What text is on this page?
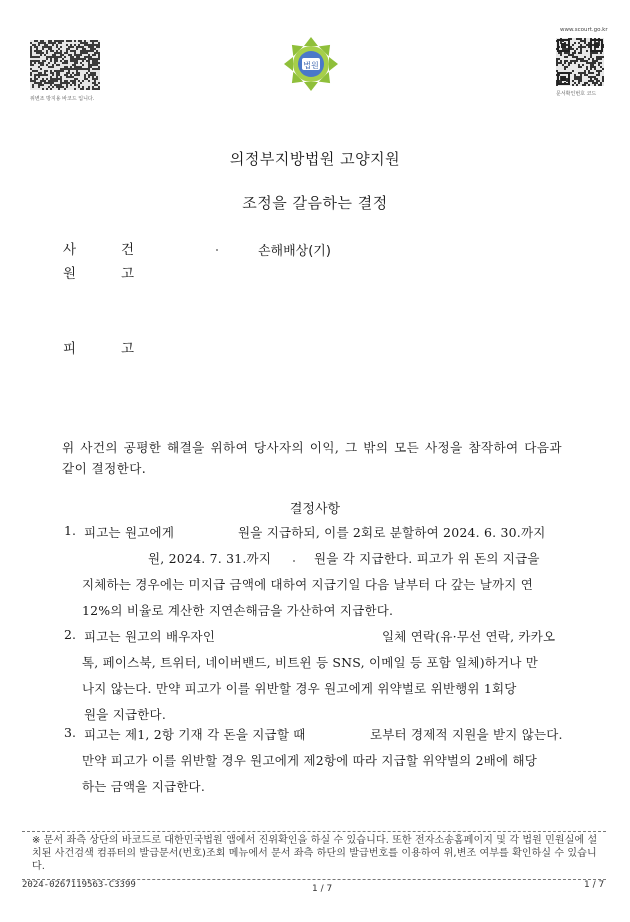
위변조 방지용 바코드 입니다.
www.scourt.go.kr
문서확인번호 코드
법원
의정부지방법원 고양지원
조정을 갈음하는 결정
사	건	손해배상(기)
원	고
피	고
위 사건의 공평한 해결을 위하여 당사자의 이익, 그 밖의 모든 사정을 참작하여 다음과 같이 결정한다.
결정사항
1. 피고는 원고에게	원을 지급하되, 이를 2회로 분할하여 2024. 6. 30.까지
원, 2024. 7. 31.까지	원을 각 지급한다. 피고가 위 돈의 지급을
지체하는 경우에는 미지급 금액에 대하여 지급기일 다음 날부터 다 갚는 날까지 연
12%의 비율로 계산한 지연손해금을 가산하여 지급한다.
2. 피고는 원고의 배우자인	일체 연락(유·무선 연락, 카카오
톡, 페이스북, 트위터, 네이버밴드, 비트윈 등 SNS, 이메일 등 포함 일체)하거나 만
나지 않는다. 만약 피고가 이를 위반할 경우 원고에게 위약벌로 위반행위 1회당
원을 지급한다.
3. 피고는 제1, 2항 기재 각 돈을 지급할 때	로부터 경제적 지원을 받지 않는다.
만약 피고가 이를 위반할 경우 원고에게 제2항에 따라 지급할 위약벌의 2배에 해당
하는 금액을 지급한다.
※ 문서 좌측 상단의 바코드로 대한민국법원 앱에서 진위확인을 하실 수 있습니다. 또한 전자소송홈페이지 및 각 법원 민원실에 설치된 사건검색 컴퓨터의 발급문서(번호)조회 메뉴에서 문서 좌측 하단의 발급번호를 이용하여 위,변조 여부를 확인하실 수 있습니다.
2024-0267119563-C3399	1 / 7	1 / 7
